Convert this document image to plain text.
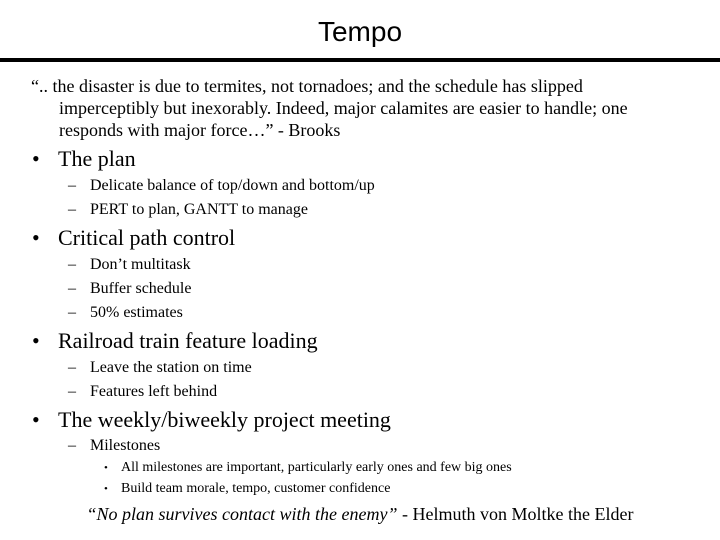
Tempo
“.. the disaster is due to termites, not tornadoes; and the schedule has slipped
imperceptibly but inexorably. Indeed, major calamites are easier to handle; one
responds with major force…” - Brooks
• The plan
– Delicate balance of top/down and bottom/up
– PERT to plan, GANTT to manage
• Critical path control
– Don’t multitask
– Buffer schedule
– 50% estimates
• Railroad train feature loading
– Leave the station on time
– Features left behind
• The weekly/biweekly project meeting
– Milestones
• All milestones are important, particularly early ones and few big ones
• Build team morale, tempo, customer confidence
“No plan survives contact with the enemy” - Helmuth von Moltke the Elder
